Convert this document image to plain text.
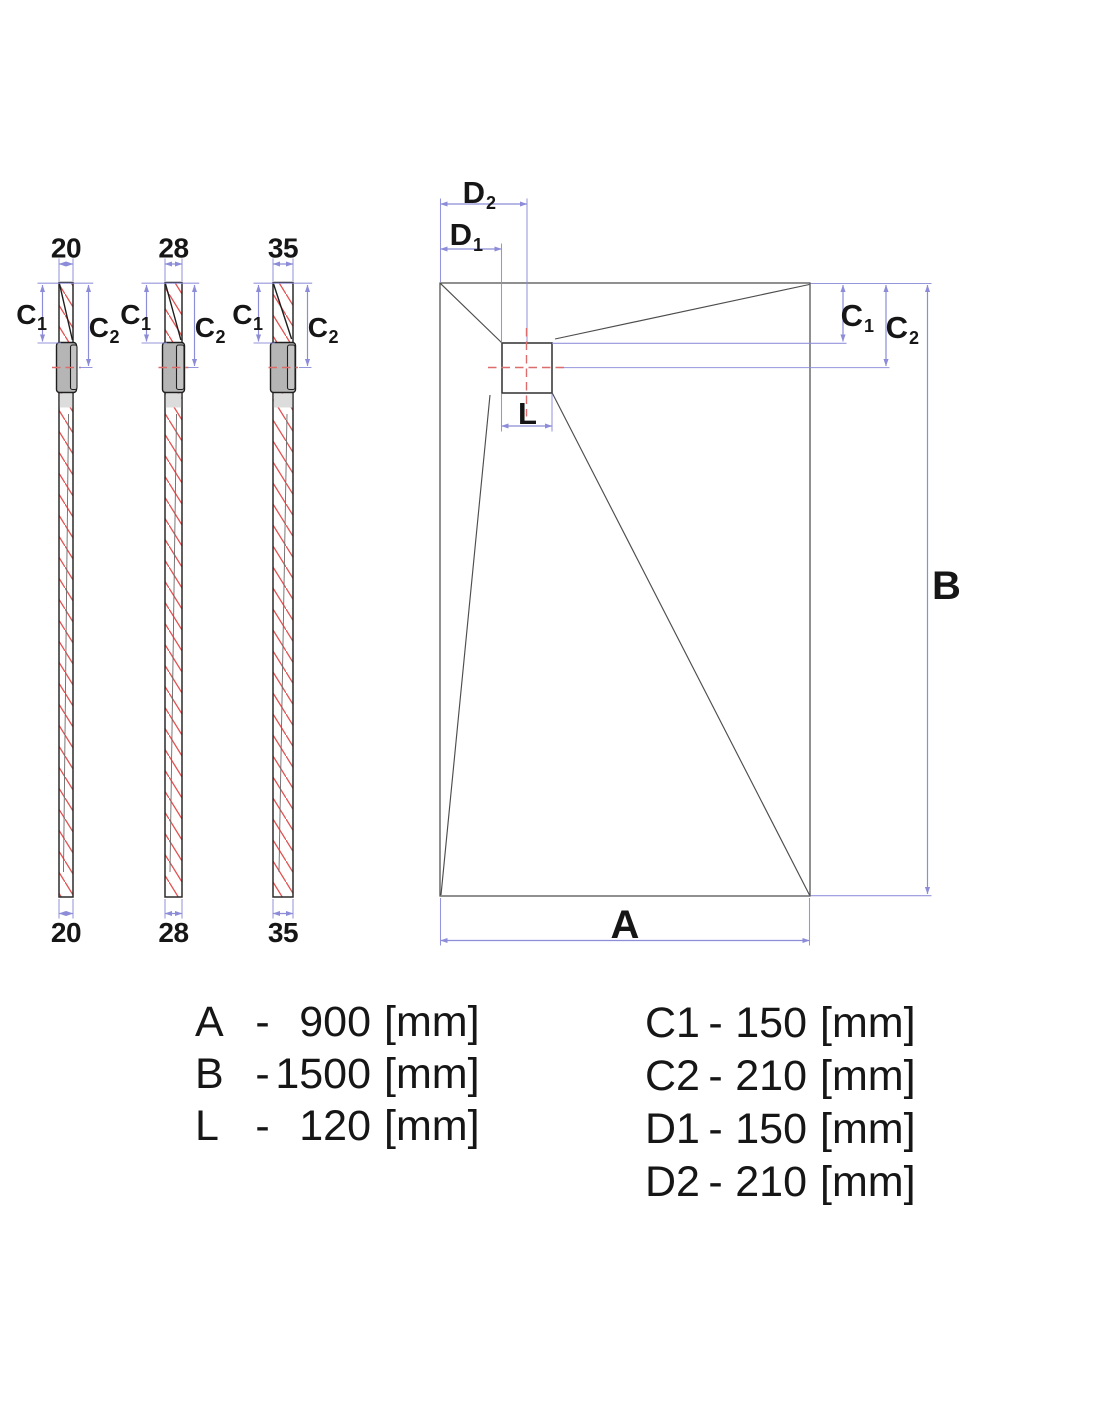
20
C 1 C 2
20
28
C 1 C 2
28
35
C 1 C 2
35
D 2
D 1
L
C 1 C 2
B
A
A - 900 [mm]
B - 1500 [mm]
L - 120 [mm]
C1 - 150 [mm]
C2 - 210 [mm]
D1 - 150 [mm]
D2 - 210 [mm]
